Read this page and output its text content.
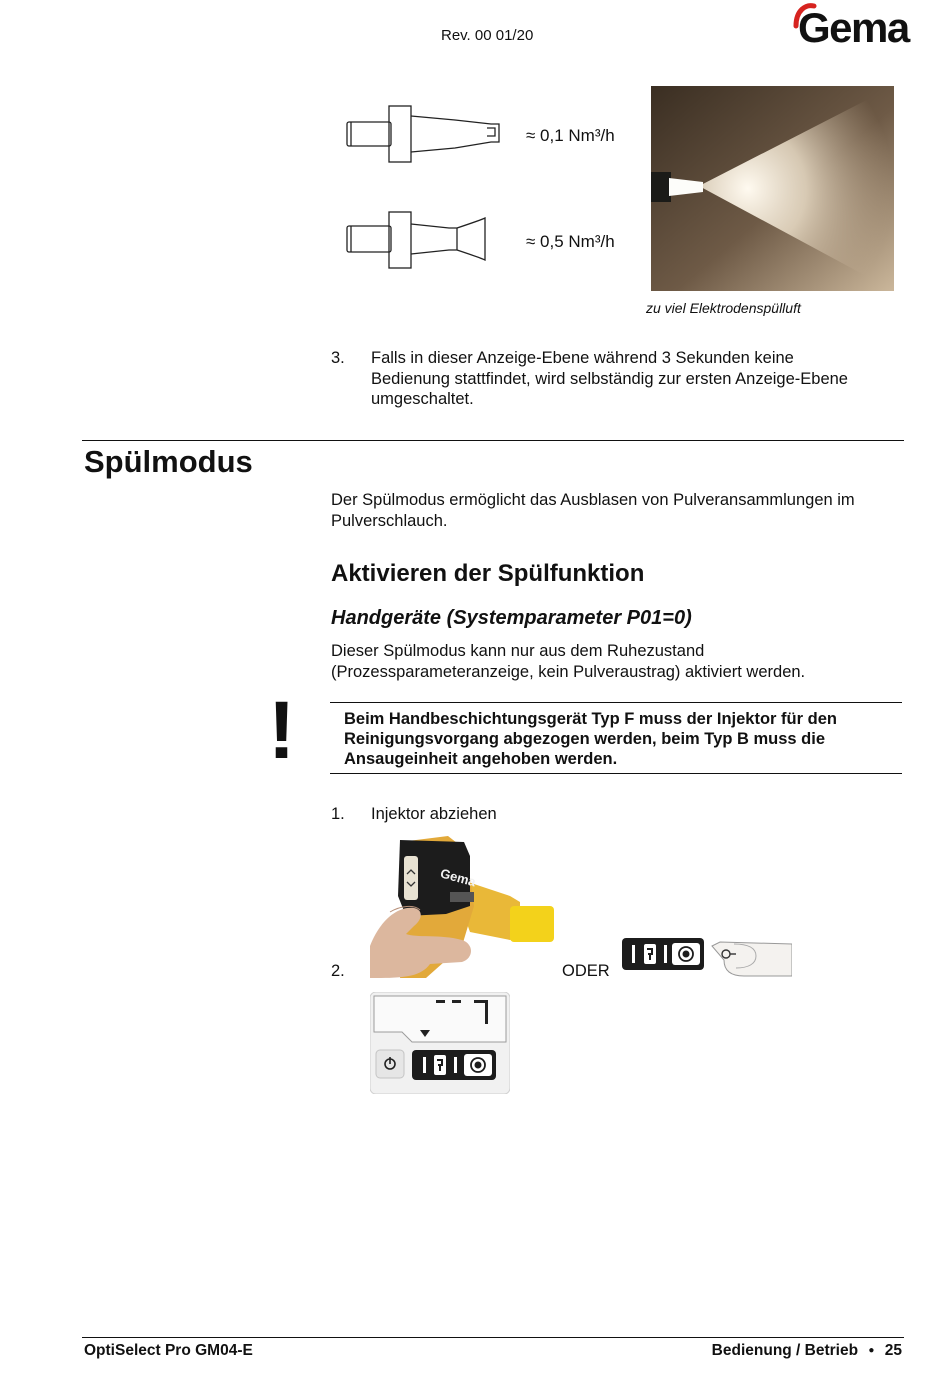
Rev. 00 01/20	Gema
≈ 0,1 Nm³/h
≈ 0,5 Nm³/h
zu viel Elektrodenspülluft
3. Falls in dieser Anzeige-Ebene während 3 Sekunden keine
Bedienung stattfindet, wird selbständig zur ersten Anzeige-Ebene
umgeschaltet.
Spülmodus
Der Spülmodus ermöglicht das Ausblasen von Pulveransammlungen im
Pulverschlauch.
Aktivieren der Spülfunktion
Handgeräte (Systemparameter P01=0)
Dieser Spülmodus kann nur aus dem Ruhezustand
(Prozessparameteranzeige, kein Pulveraustrag) aktiviert werden.
!	Beim Handbeschichtungsgerät Typ F muss der Injektor für den
Reinigungsvorgang abgezogen werden, beim Typ B muss die
Ansaugeinheit angehoben werden.
1. Injektor abziehen
Gema
2.	ODER
OptiSelect Pro GM04-E	Bedienung / Betrieb ● 25
